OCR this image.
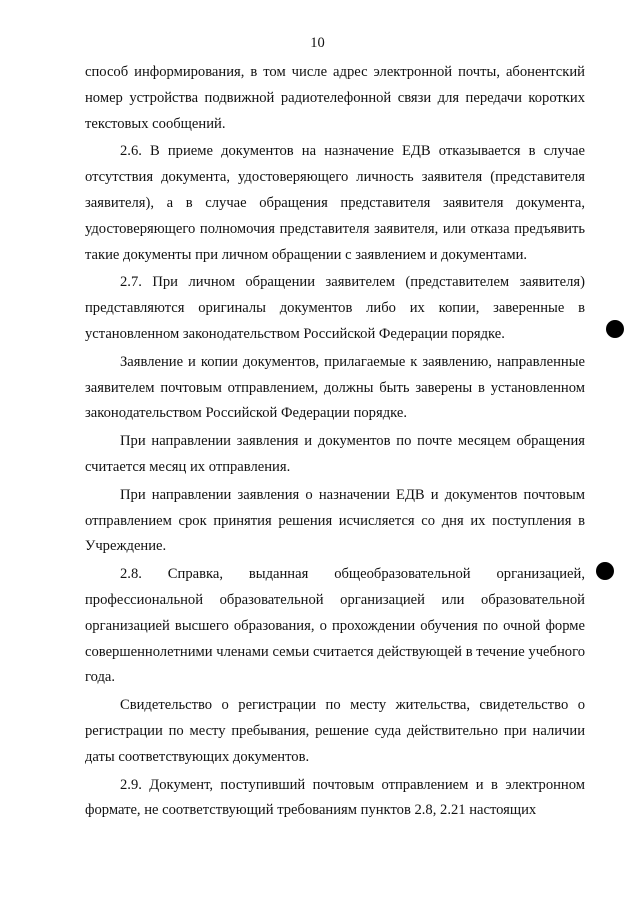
10

способ информирования, в том числе адрес электронной почты, абонентский номер устройства подвижной радиотелефонной связи для передачи коротких текстовых сообщений.

2.6. В приеме документов на назначение ЕДВ отказывается в случае отсутствия документа, удостоверяющего личность заявителя (представителя заявителя), а в случае обращения представителя заявителя документа, удостоверяющего полномочия представителя заявителя, или отказа предъявить такие документы при личном обращении с заявлением и документами.

2.7. При личном обращении заявителем (представителем заявителя) представляются оригиналы документов либо их копии, заверенные в установленном законодательством Российской Федерации порядке.

Заявление и копии документов, прилагаемые к заявлению, направленные заявителем почтовым отправлением, должны быть заверены в установленном законодательством Российской Федерации порядке.

При направлении заявления и документов по почте месяцем обращения считается месяц их отправления.

При направлении заявления о назначении ЕДВ и документов почтовым отправлением срок принятия решения исчисляется со дня их поступления в Учреждение.

2.8. Справка, выданная общеобразовательной организацией, профессиональной образовательной организацией или образовательной организацией высшего образования, о прохождении обучения по очной форме совершеннолетними членами семьи считается действующей в течение учебного года.

Свидетельство о регистрации по месту жительства, свидетельство о регистрации по месту пребывания, решение суда действительно при наличии даты соответствующих документов.

2.9. Документ, поступивший почтовым отправлением и в электронном формате, не соответствующий требованиям пунктов 2.8, 2.21 настоящих
